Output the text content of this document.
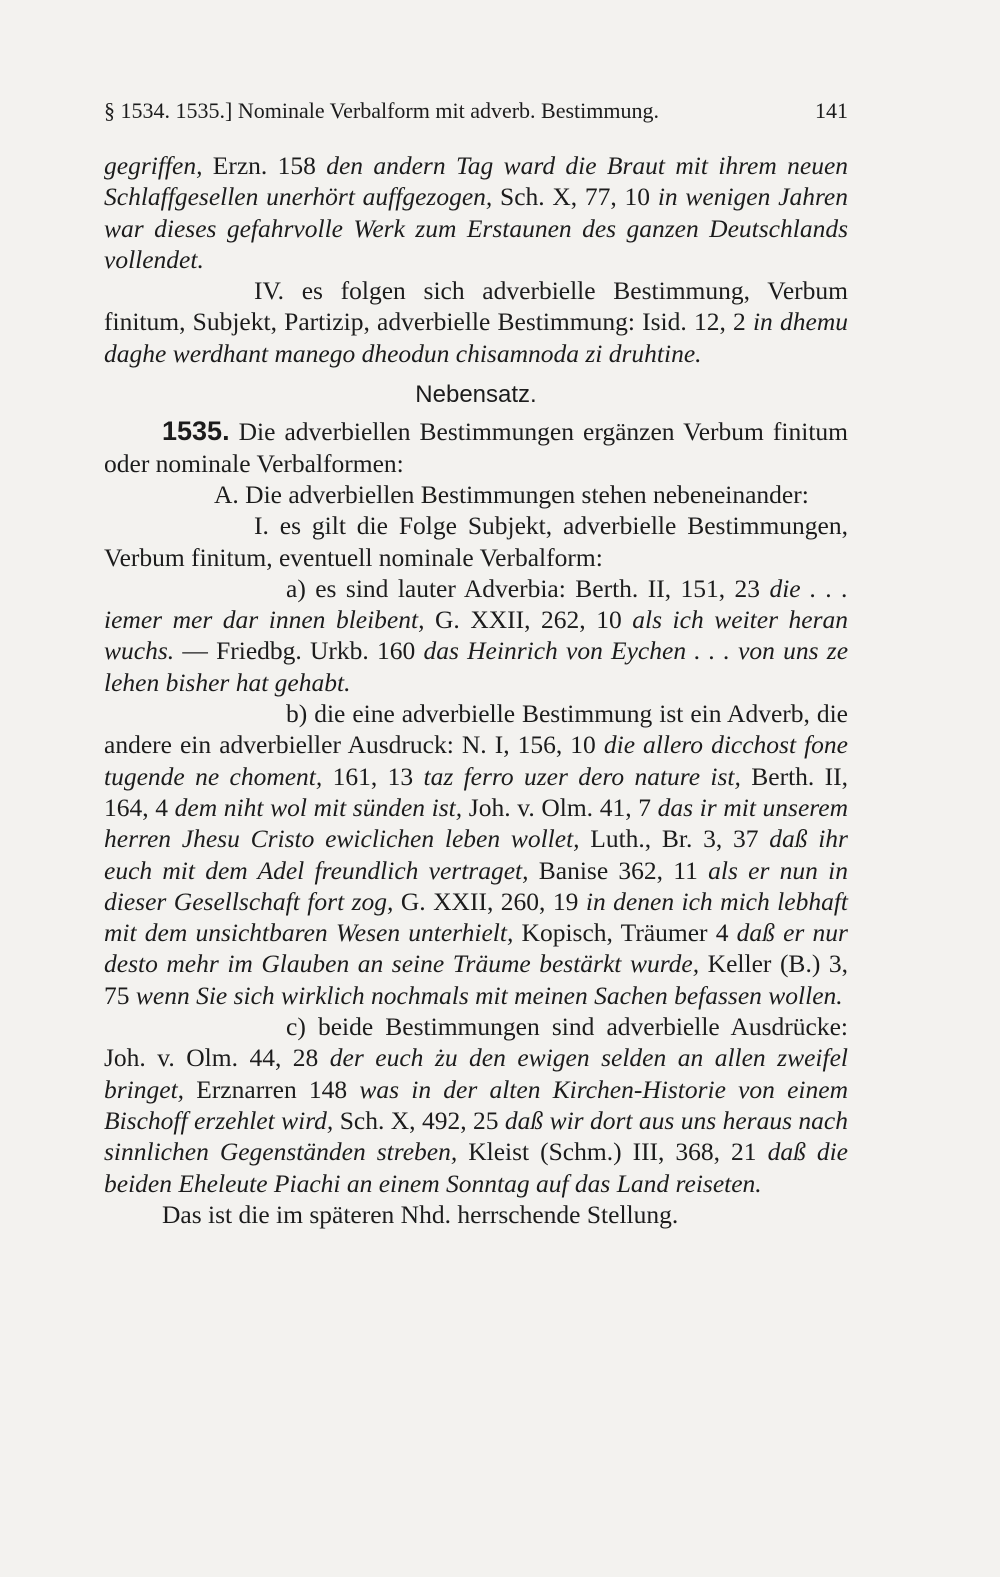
§ 1534. 1535.] Nominale Verbalform mit adverb. Bestimmung.	141

gegriffen, Erzn. 158 den andern Tag ward die Braut mit ihrem neuen Schlaffgesellen unerhört auffgezogen, Sch. X, 77, 10 in wenigen Jahren war dieses gefahrvolle Werk zum Erstaunen des ganzen Deutschlands vollendet.

IV. es folgen sich adverbielle Bestimmung, Verbum finitum, Subjekt, Partizip, adverbielle Bestimmung: Isid. 12, 2 in dhemu daghe werdhant manego dheodun chisamnoda zi druhtine.

Nebensatz.

1535. Die adverbiellen Bestimmungen ergänzen Verbum finitum oder nominale Verbalformen:

A. Die adverbiellen Bestimmungen stehen nebeneinander:

I. es gilt die Folge Subjekt, adverbielle Bestimmungen, Verbum finitum, eventuell nominale Verbalform:

a) es sind lauter Adverbia: Berth. II, 151, 23 die . . . iemer mer dar innen bleibent, G. XXII, 262, 10 als ich weiter heran wuchs. — Friedbg. Urkb. 160 das Heinrich von Eychen . . . von uns ze lehen bisher hat gehabt.

b) die eine adverbielle Bestimmung ist ein Adverb, die andere ein adverbieller Ausdruck: N. I, 156, 10 die allero dicchost fone tugende ne choment, 161, 13 taz ferro uzer dero nature ist, Berth. II, 164, 4 dem niht wol mit sünden ist, Joh. v. Olm. 41, 7 das ir mit unserem herren Jhesu Cristo ewiclichen leben wollet, Luth., Br. 3, 37 daß ihr euch mit dem Adel freundlich vertraget, Banise 362, 11 als er nun in dieser Gesellschaft fort zog, G. XXII, 260, 19 in denen ich mich lebhaft mit dem unsichtbaren Wesen unterhielt, Kopisch, Träumer 4 daß er nur desto mehr im Glauben an seine Träume bestärkt wurde, Keller (B.) 3, 75 wenn Sie sich wirklich nochmals mit meinen Sachen befassen wollen.

c) beide Bestimmungen sind adverbielle Ausdrücke: Joh. v. Olm. 44, 28 der euch żu den ewigen selden an allen zweifel bringet, Erznarren 148 was in der alten Kirchen-Historie von einem Bischoff erzehlet wird, Sch. X, 492, 25 daß wir dort aus uns heraus nach sinnlichen Gegenständen streben, Kleist (Schm.) III, 368, 21 daß die beiden Eheleute Piachi an einem Sonntag auf das Land reiseten.

Das ist die im späteren Nhd. herrschende Stellung.
